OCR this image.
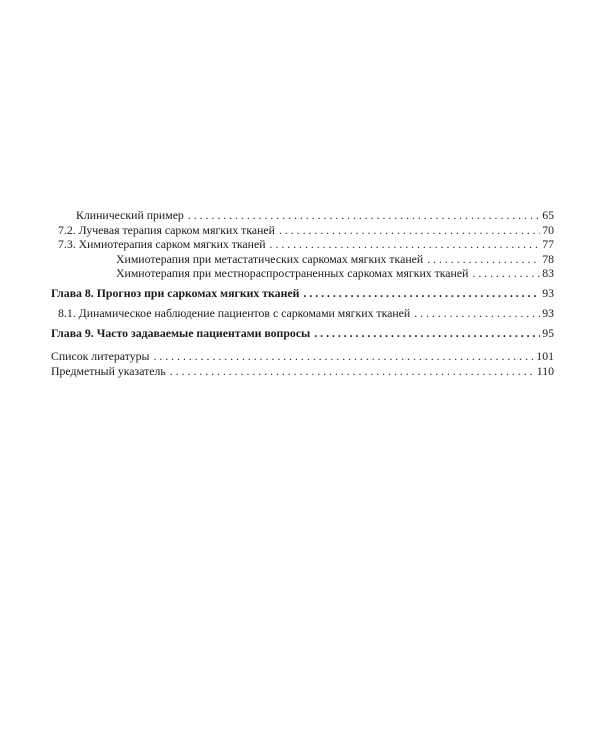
Клинический пример . . .	65
7.2. Лучевая терапия сарком мягких тканей . . .	70
7.3. Химиотерапия сарком мягких тканей . . .	77
Химиотерапия при метастатических саркомах мягких тканей . . .	78
Химиотерапия при местнораспространенных саркомах мягких тканей . . .	83
Глава 8. Прогноз при саркомах мягких тканей . . .	93
8.1. Динамическое наблюдение пациентов с саркомами мягких тканей . . .	93
Глава 9. Часто задаваемые пациентами вопросы . . .	95
Список литературы . . .	101
Предметный указатель . . .	110
